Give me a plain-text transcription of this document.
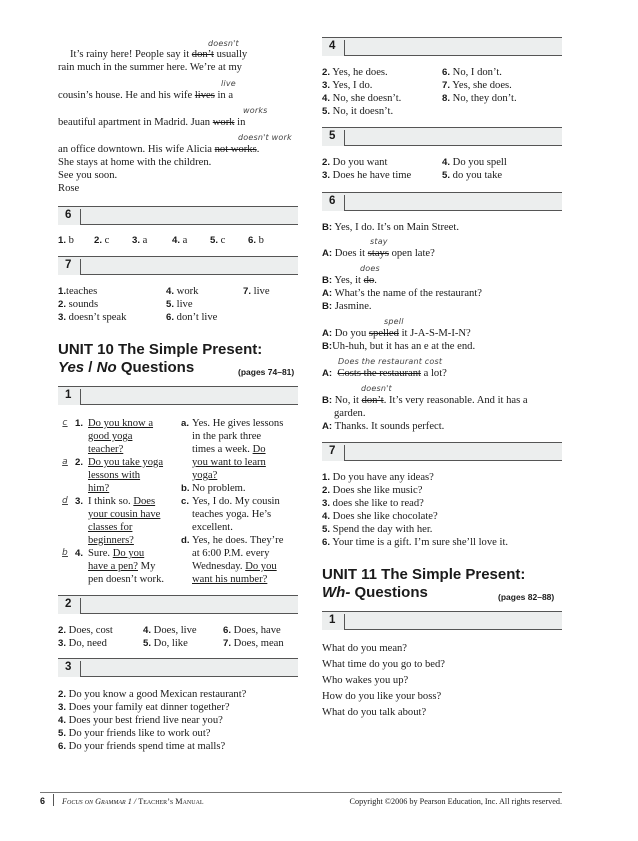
doesn't
It’s rainy here! People say it don’t usually
rain much in the summer here. We’re at my
live
cousin’s house. He and his wife lives in a
works
beautiful apartment in Madrid. Juan work in
doesn't work
an office downtown. His wife Alicia not works.
She stays at home with the children.
See you soon.
Rose
6
1. b 2. c 3. a	4. a 5. c 6. b
7
1.teaches	4. work	7. live
2. sounds	5. live
3. doesn’t speak	6. don’t live
UNIT 10 The Simple Present:
Yes / No Questions	(pages 74–81)
1
c 1. Do you know a
good yoga
teacher?
a 2. Do you take yoga
lessons with
him?
d 3. I think so. Does
your cousin have
classes for
beginners?
b 4. Sure. Do you
have a pen? My
pen doesn’t work.
a. Yes. He gives lessons
in the park three
times a week. Do
you want to learn
yoga?
b. No problem.
c. Yes, I do. My cousin
teaches yoga. He’s
excellent.
d. Yes, he does. They’re
at 6:00 P.M. every
Wednesday. Do you
want his number?
2
2. Does, cost	4. Does, live	6. Does, have
3. Do, need	5. Do, like	7. Does, mean
3
2. Do you know a good Mexican restaurant?
3. Does your family eat dinner together?
4. Does your best friend live near you?
5. Do your friends like to work out?
6. Do your friends spend time at malls?
4
2. Yes, he does.	6. No, I don’t.
3. Yes, I do.	7. Yes, she does.
4. No, she doesn’t.	8. No, they don’t.
5. No, it doesn’t.
5
2. Do you want	4. Do you spell
3. Does he have time	5. do you take
6
B: Yes, I do. It’s on Main Street.
stay
A: Does it stays open late?
does
B: Yes, it do.
A: What’s the name of the restaurant?
B: Jasmine.
spell
A: Do you spelled it J-A-S-M-I-N?
B:Uh-huh, but it has an e at the end.
Does the restaurant cost
A: Costs the restaurant a lot?
doesn't
B: No, it don’t. It’s very reasonable. And it has a
garden.
A: Thanks. It sounds perfect.
7
1. Do you have any ideas?
2. Does she like music?
3. does she like to read?
4. Does she like chocolate?
5. Spend the day with her.
6. Your time is a gift. I’m sure she’ll love it.
UNIT 11 The Simple Present:
Wh- Questions	(pages 82–88)
1
What do you mean?
What time do you go to bed?
Who wakes you up?
How do you like your boss?
What do you talk about?
6 Focus on Grammar 1 / Teacher’s Manual	Copyright ©2006 by Pearson Education, Inc. All rights reserved.
